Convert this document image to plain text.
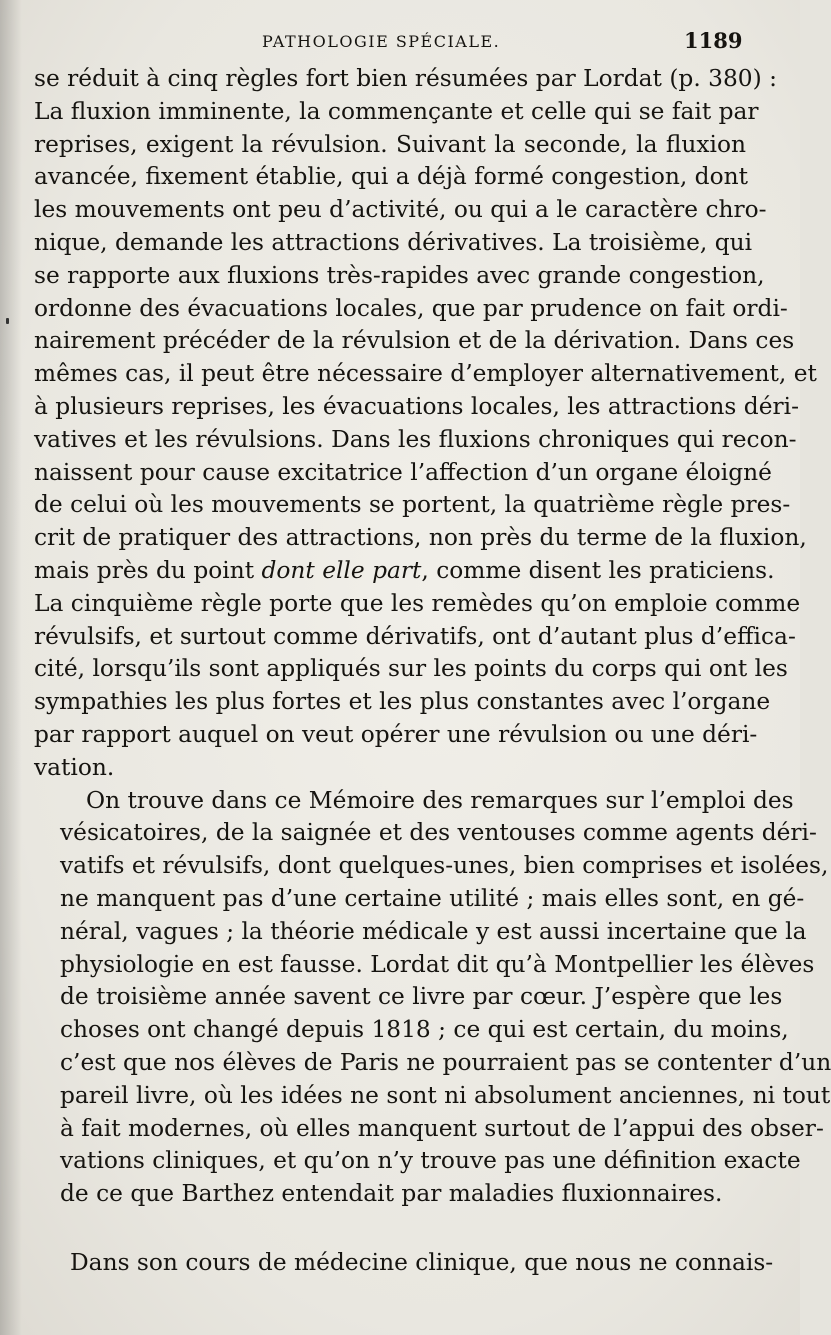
PATHOLOGIE SPÉCIALE.	1189
se réduit à cinq règles fort bien résumées par Lordat (p. 380) :
La fluxion imminente, la commençante et celle qui se fait par
reprises, exigent la révulsion. Suivant la seconde, la fluxion
avancée, fixement établie, qui a déjà formé congestion, dont
les mouvements ont peu d’activité, ou qui a le caractère chro-
nique, demande les attractions dérivatives. La troisième, qui
se rapporte aux fluxions très-rapides avec grande congestion,
ordonne des évacuations locales, que par prudence on fait ordi-
nairement précéder de la révulsion et de la dérivation. Dans ces
mêmes cas, il peut être nécessaire d’employer alternativement, et
à plusieurs reprises, les évacuations locales, les attractions déri-
vatives et les révulsions. Dans les fluxions chroniques qui recon-
naissent pour cause excitatrice l’affection d’un organe éloigné
de celui où les mouvements se portent, la quatrième règle pres-
crit de pratiquer des attractions, non près du terme de la fluxion,
mais près du point dont elle part, comme disent les praticiens.
La cinquième règle porte que les remèdes qu’on emploie comme
révulsifs, et surtout comme dérivatifs, ont d’autant plus d’effica-
cité, lorsqu’ils sont appliqués sur les points du corps qui ont les
sympathies les plus fortes et les plus constantes avec l’organe
par rapport auquel on veut opérer une révulsion ou une déri-
vation.
On trouve dans ce Mémoire des remarques sur l’emploi des
vésicatoires, de la saignée et des ventouses comme agents déri-
vatifs et révulsifs, dont quelques-unes, bien comprises et isolées,
ne manquent pas d’une certaine utilité ; mais elles sont, en gé-
néral, vagues ; la théorie médicale y est aussi incertaine que la
physiologie en est fausse. Lordat dit qu’à Montpellier les élèves
de troisième année savent ce livre par cœur. J’espère que les
choses ont changé depuis 1818 ; ce qui est certain, du moins,
c’est que nos élèves de Paris ne pourraient pas se contenter d’un
pareil livre, où les idées ne sont ni absolument anciennes, ni tout
à fait modernes, où elles manquent surtout de l’appui des obser-
vations cliniques, et qu’on n’y trouve pas une définition exacte
de ce que Barthez entendait par maladies fluxionnaires.
Dans son cours de médecine clinique, que nous ne connais-
